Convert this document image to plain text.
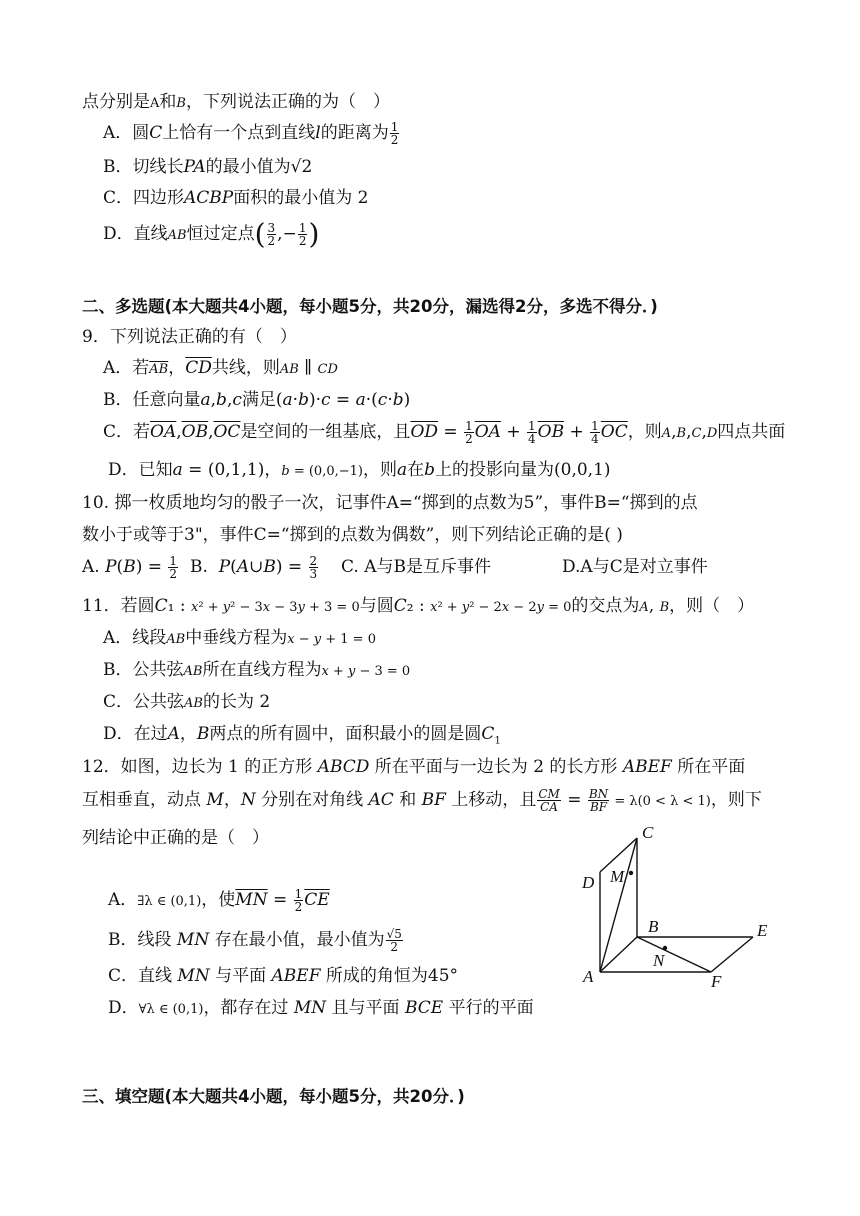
点分别是A和B，下列说法正确的为（　）
A．圆C上恰有一个点到直线l的距离为 $\frac{1}{2}$
B．切线长PA的最小值为√2
C．四边形ACBP面积的最小值为 2
D．直线AB恒过定点( $\frac{3}{2}$ ,− $\frac{1}{2}$ )
二、多选题(本大题共4小题，每小题5分，共20分，漏选得2分，多选不得分．)
9．下列说法正确的有（　）
A．若$\overline{AB}$，$\overline{CD}$共线，则AB ∥ CD
B．任意向量a,b,c满足(a·b)·c = a·(c·b)
C．若$\overline{OA},\overline{OB},\overline{OC}$是空间的一组基底，且$\overline{OD} = \frac{1}{2} \overline{OA} + \frac{1}{4} \overline{OB} + \frac{1}{4} \overline{OC}$，则A,B,C,D四点共面
D．已知a = (0,1,1)，b = (0,0,−1)，则a在b上的投影向量为(0,0,1)
10. 掷一枚质地均匀的骰子一次，记事件A=“掷到的点数为5”，事件B=“掷到的点
数小于或等于3"，事件C=“掷到的点数为偶数”，则下列结论正确的是( )
A. $P(B) = \frac{1}{2} B$.  P(A∪B) = $\frac{2}{3} C$. A与B是互斥事件	D.A与C是对立事件
11．若圆C₁ : x² + y² − 3x − 3y + 3 = 0与圆C₂ : x² + y² − 2x − 2y = 0的交点为A, B，则（　）
A．线段AB中垂线方程为x − y + 1 = 0
B．公共弦AB所在直线方程为x + y − 3 = 0
C．公共弦AB的长为 2
D．在过A，B两点的所有圆中，面积最小的圆是圆$C_1$
12．如图，边长为 1 的正方形 ABCD 所在平面与一边长为 2 的长方形 ABEF 所在平面
互相垂直，动点 M，N 分别在对角线 AC 和 BF 上移动，且 $\frac{CM}{CA} = \frac{BN}{BF} = \lambda(0 < \lambda < 1)$，则下
列结论中正确的是（　）
A．∃λ ∈ (0,1)，使$\overline{MN} = \frac{1}{2} \overline{CE}$
B．线段 MN 存在最小值，最小值为 $\frac{√5}{2}$
C．直线 MN 与平面 ABEF 所成的角恒为45°
D．∀λ ∈ (0,1)，都存在过 MN 且与平面 BCE 平行的平面
C
D M
B	E
N
A	F
三、填空题(本大题共4小题，每小题5分，共20分．)
